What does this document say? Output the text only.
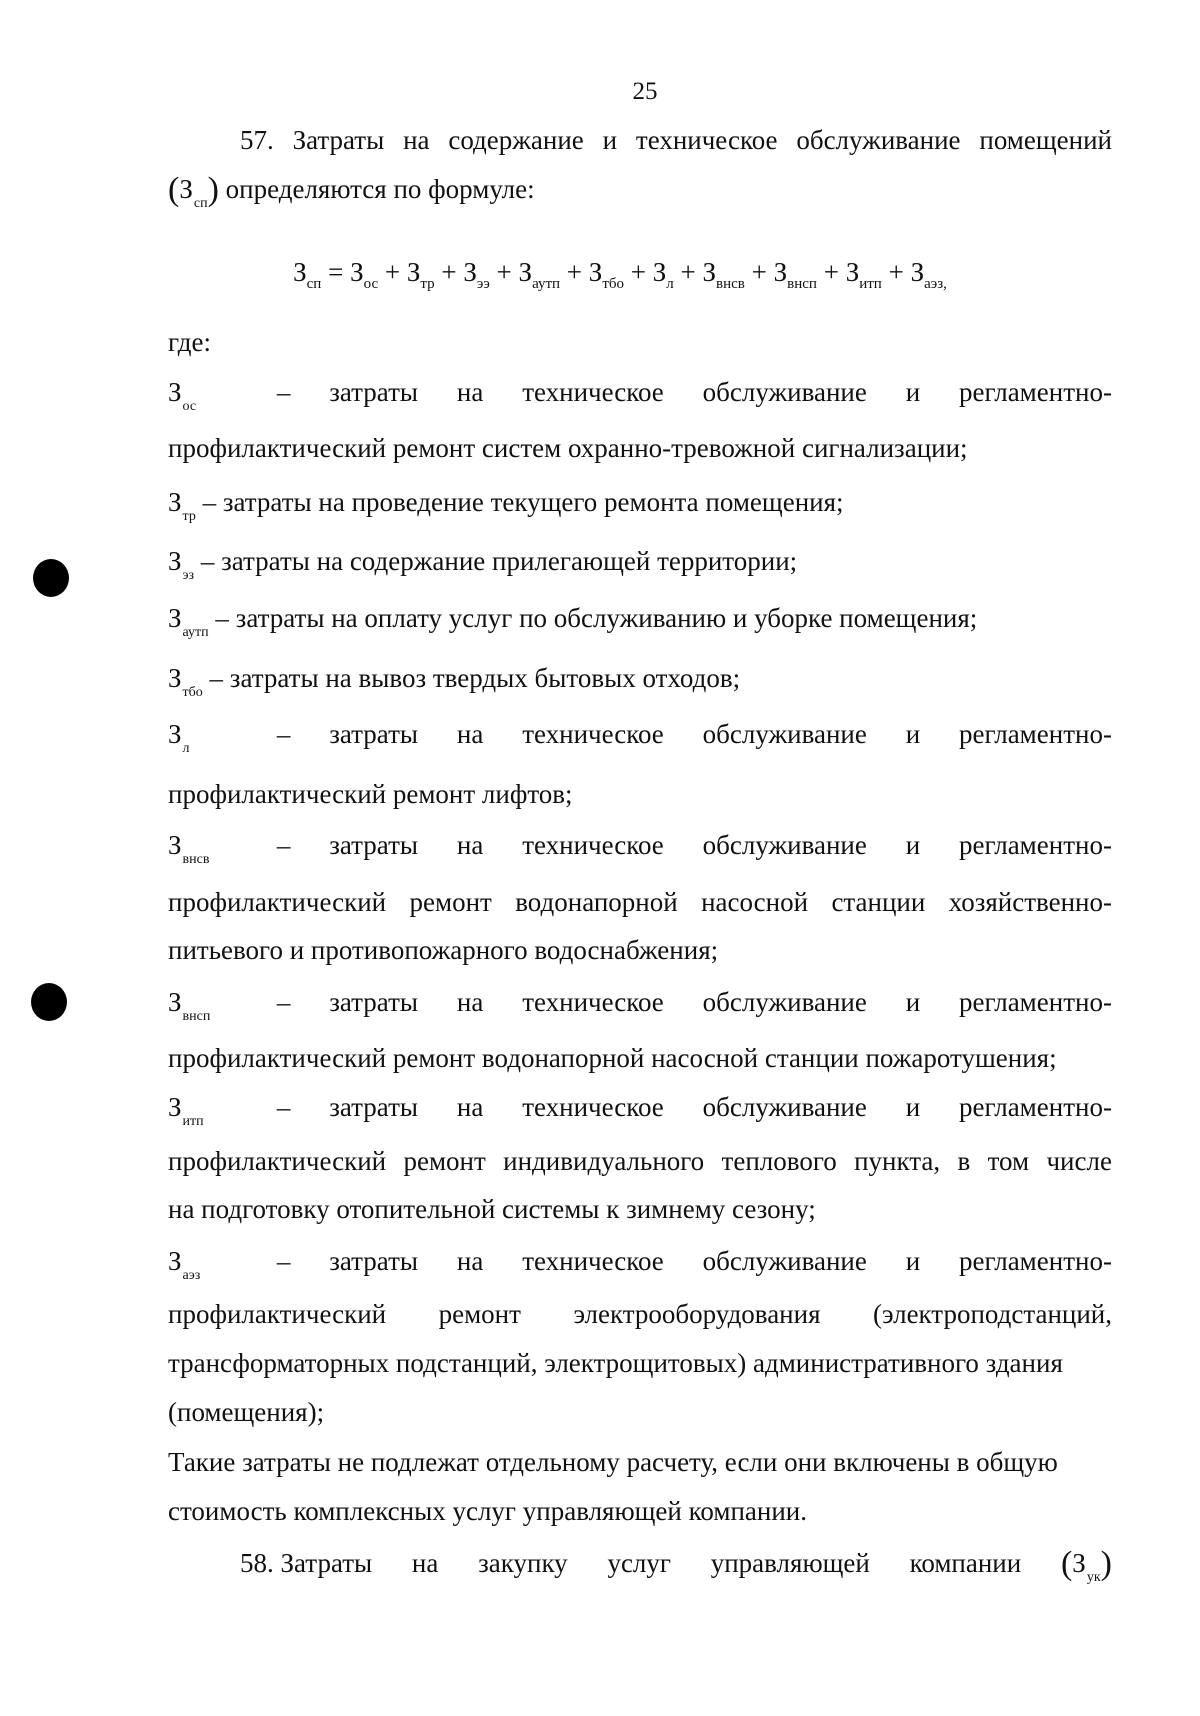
25
57. Затраты на содержание и техническое обслуживание помещений
$(З_{сп})$ определяются по формуле:
$З_{сп} = З_{ос} + З_{тр} + З_{ээ} + З_{аутп} + З_{тбо} + З_л + З_{внсв} + З_{внсп} + З_{итп} + З_{аэз,}$
где:
$З_{ос}$	– затраты на техническое обслуживание и регламентно-
профилактический ремонт систем охранно-тревожной сигнализации;
$З_{тр}$ – затраты на проведение текущего ремонта помещения;
$З_{эз}$ – затраты на содержание прилегающей территории;
$З_{аутп}$ – затраты на оплату услуг по обслуживанию и уборке помещения;
$З_{тбо}$ – затраты на вывоз твердых бытовых отходов;
$З_л$	– затраты на техническое обслуживание и регламентно-
профилактический ремонт лифтов;
$З_{внсв}$	– затраты на техническое обслуживание и регламентно-
профилактический ремонт водонапорной насосной станции хозяйственно-
питьевого и противопожарного водоснабжения;
$З_{внсп}$	– затраты на техническое обслуживание и регламентно-
профилактический ремонт водонапорной насосной станции пожаротушения;
$З_{итп}$	– затраты на техническое обслуживание и регламентно-
профилактический ремонт индивидуального теплового пункта, в том числе
на подготовку отопительной системы к зимнему сезону;
$З_{аэз}$	– затраты на техническое обслуживание и регламентно-
профилактический ремонт электрооборудования (электроподстанций,
трансформаторных подстанций, электрощитовых) административного здания
(помещения);
Такие затраты не подлежат отдельному расчету, если они включены в общую
стоимость комплексных услуг управляющей компании.
58. Затраты на закупку услуг управляющей компании $(З_{ук})$
